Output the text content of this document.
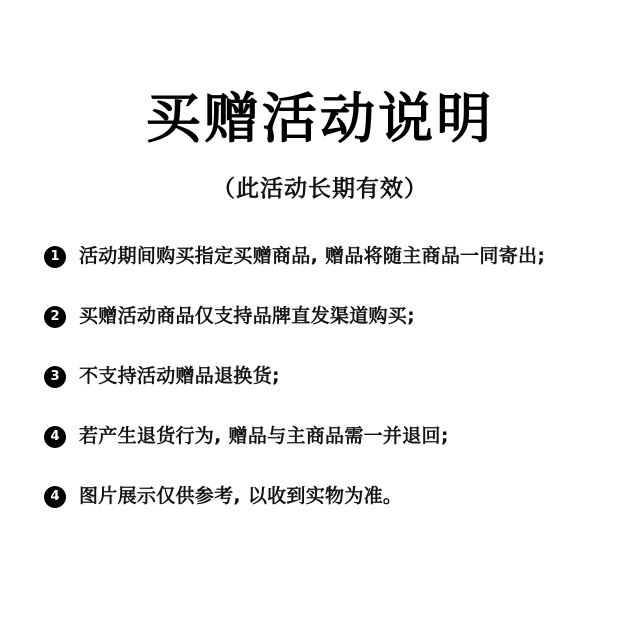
买赠活动说明
（此活动长期有效）
1	活动期间购买指定买赠商品, 赠品将随主商品一同寄出;
2	买赠活动商品仅支持品牌直发渠道购买;
3	不支持活动赠品退换货;
4	若产生退货行为, 赠品与主商品需一并退回;
4	图片展示仅供参考, 以收到实物为准。
